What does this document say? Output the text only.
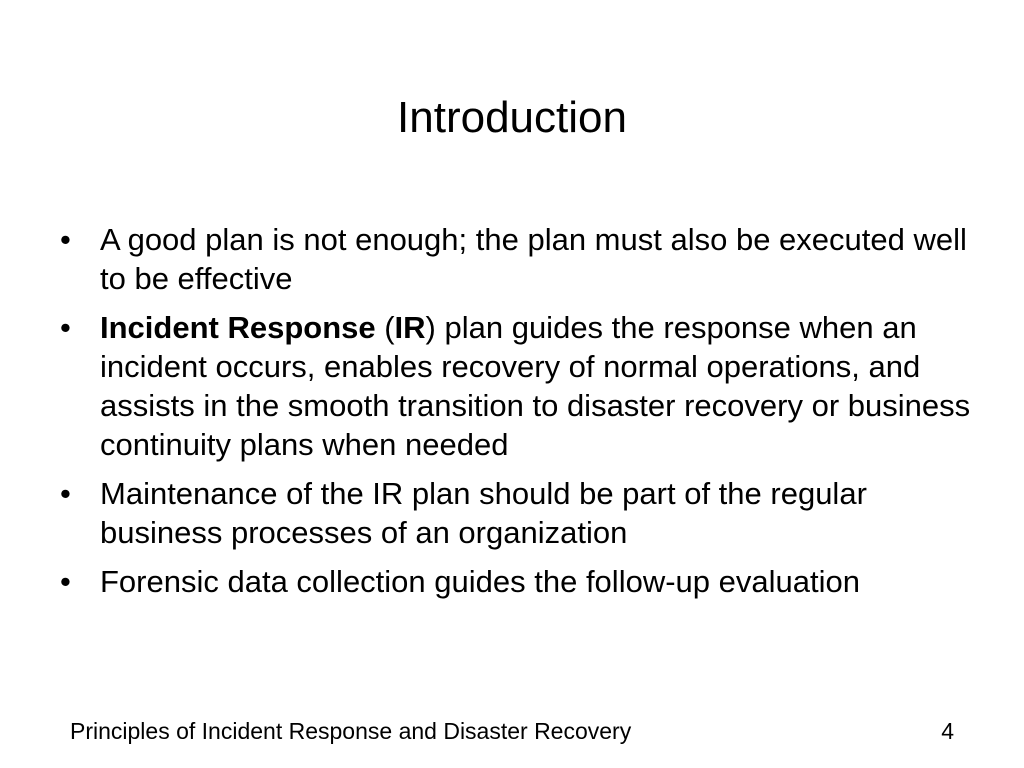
Introduction
• A good plan is not enough; the plan must also be executed well to be effective
• Incident Response (IR) plan guides the response when an incident occurs, enables recovery of normal operations, and assists in the smooth transition to disaster recovery or business continuity plans when needed
• Maintenance of the IR plan should be part of the regular business processes of an organization
• Forensic data collection guides the follow-up evaluation
Principles of Incident Response and Disaster Recovery	4
